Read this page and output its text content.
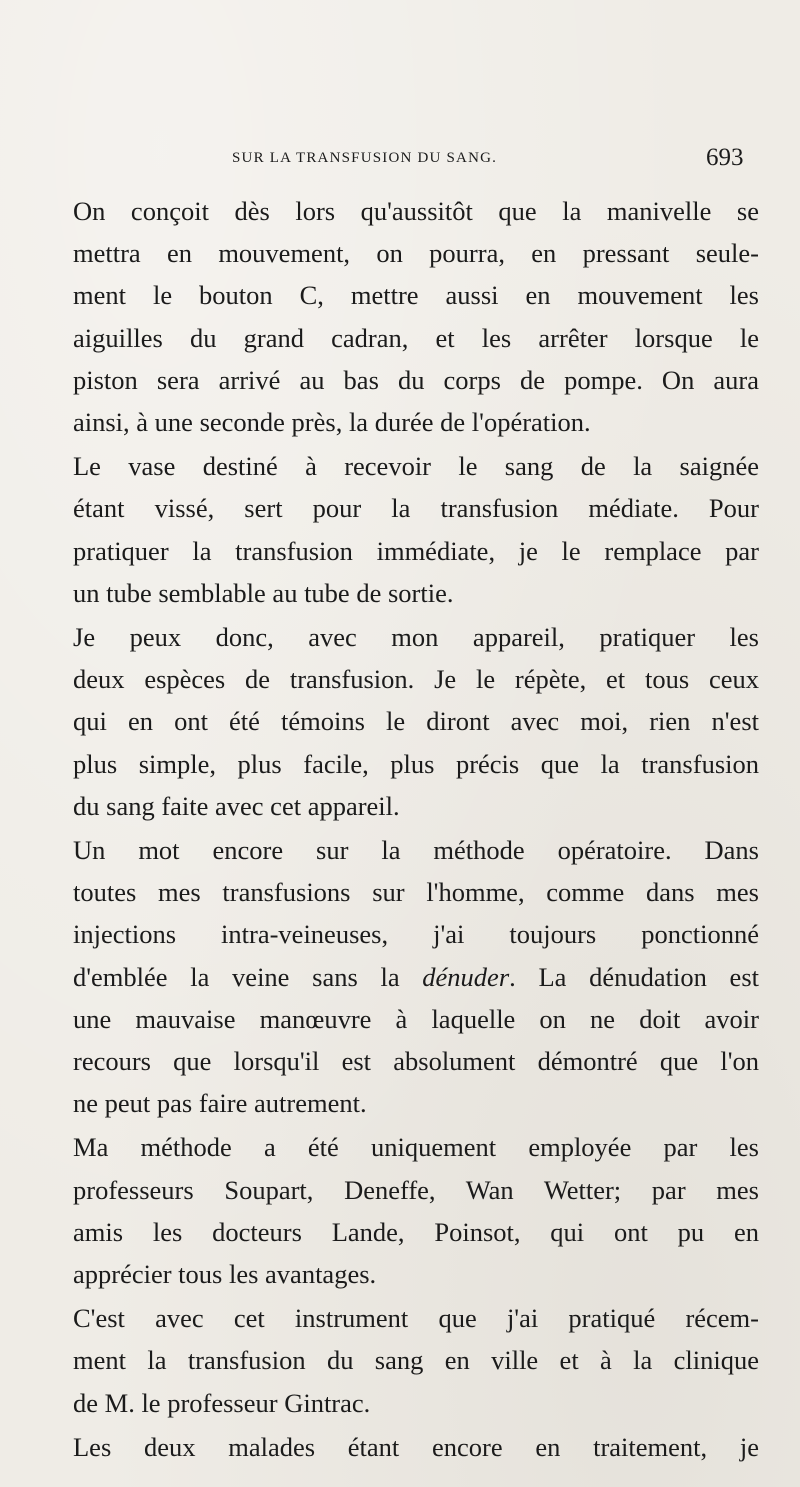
SUR LA TRANSFUSION DU SANG.	693

On conçoit dès lors qu'aussitôt que la manivelle se
mettra en mouvement, on pourra, en pressant seule-
ment le bouton C, mettre aussi en mouvement les
aiguilles du grand cadran, et les arrêter lorsque le
piston sera arrivé au bas du corps de pompe. On aura
ainsi, à une seconde près, la durée de l'opération.

Le vase destiné à recevoir le sang de la saignée
étant vissé, sert pour la transfusion médiate. Pour
pratiquer la transfusion immédiate, je le remplace par
un tube semblable au tube de sortie.

Je peux donc, avec mon appareil, pratiquer les
deux espèces de transfusion. Je le répète, et tous ceux
qui en ont été témoins le diront avec moi, rien n'est
plus simple, plus facile, plus précis que la transfusion
du sang faite avec cet appareil.

Un mot encore sur la méthode opératoire. Dans
toutes mes transfusions sur l'homme, comme dans mes
injections intra-veineuses, j'ai toujours ponctionné
d'emblée la veine sans la dénuder. La dénudation est
une mauvaise manœuvre à laquelle on ne doit avoir
recours que lorsqu'il est absolument démontré que l'on
ne peut pas faire autrement.

Ma méthode a été uniquement employée par les
professeurs Soupart, Deneffe, Wan Wetter; par mes
amis les docteurs Lande, Poinsot, qui ont pu en
apprécier tous les avantages.

C'est avec cet instrument que j'ai pratiqué récem-
ment la transfusion du sang en ville et à la clinique
de M. le professeur Gintrac.

Les deux malades étant encore en traitement, je
